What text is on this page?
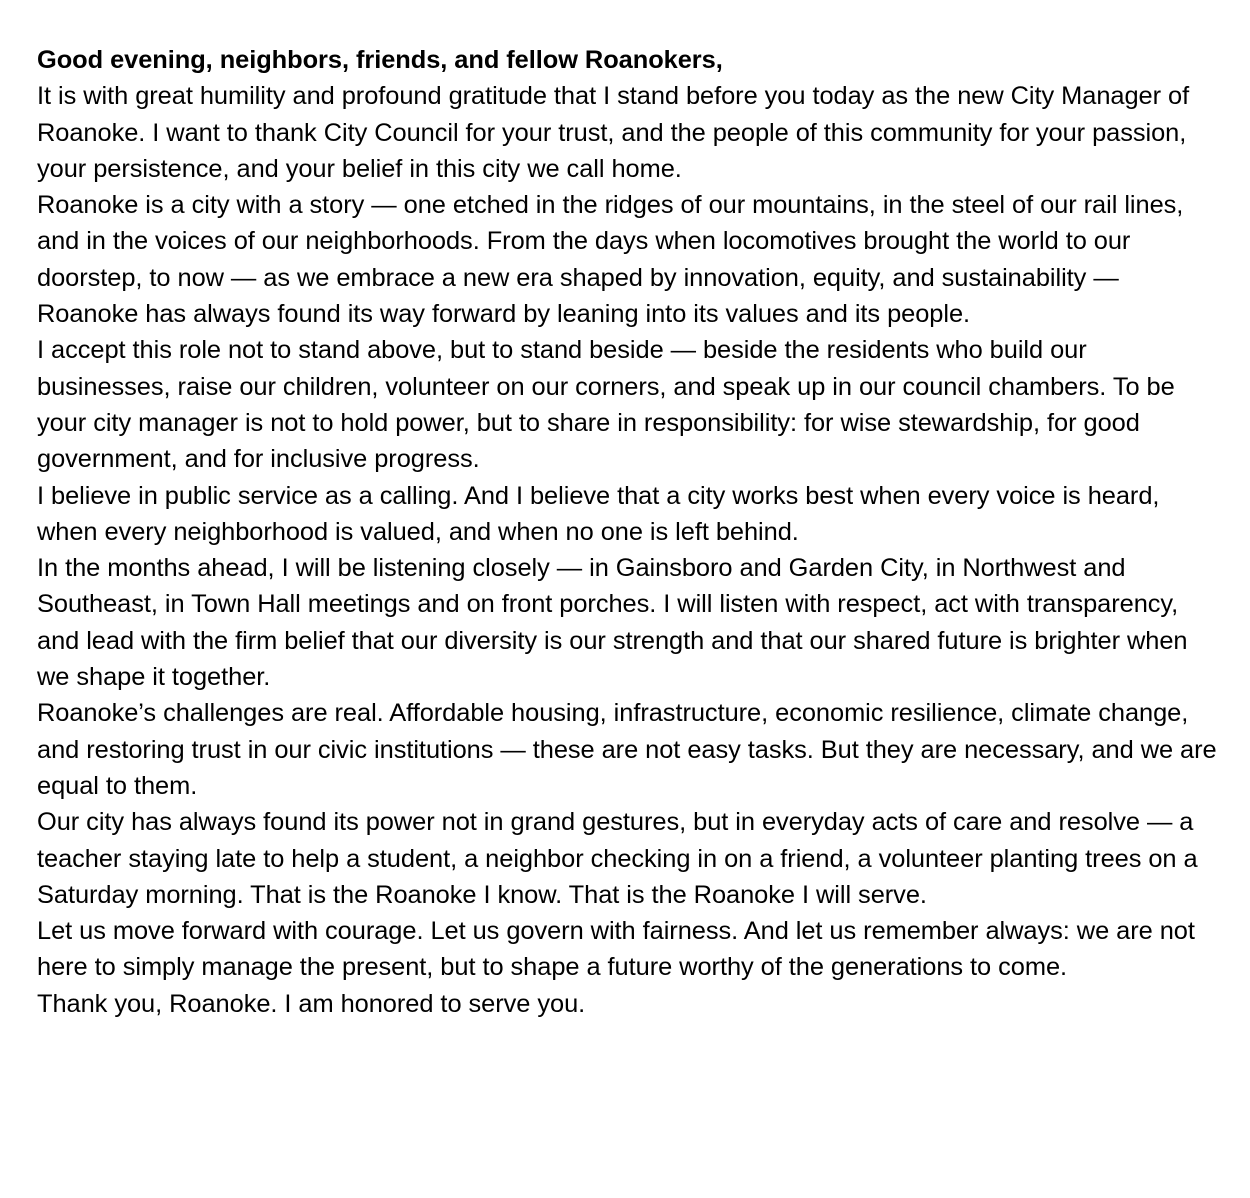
Good evening, neighbors, friends, and fellow Roanokers,

It is with great humility and profound gratitude that I stand before you today as the new City Manager of Roanoke. I want to thank City Council for your trust, and the people of this community for your passion, your persistence, and your belief in this city we call home.

Roanoke is a city with a story — one etched in the ridges of our mountains, in the steel of our rail lines, and in the voices of our neighborhoods. From the days when locomotives brought the world to our doorstep, to now — as we embrace a new era shaped by innovation, equity, and sustainability — Roanoke has always found its way forward by leaning into its values and its people.

I accept this role not to stand above, but to stand beside — beside the residents who build our businesses, raise our children, volunteer on our corners, and speak up in our council chambers. To be your city manager is not to hold power, but to share in responsibility: for wise stewardship, for good government, and for inclusive progress.

I believe in public service as a calling. And I believe that a city works best when every voice is heard, when every neighborhood is valued, and when no one is left behind.

In the months ahead, I will be listening closely — in Gainsboro and Garden City, in Northwest and Southeast, in Town Hall meetings and on front porches. I will listen with respect, act with transparency, and lead with the firm belief that our diversity is our strength and that our shared future is brighter when we shape it together.

Roanoke’s challenges are real. Affordable housing, infrastructure, economic resilience, climate change, and restoring trust in our civic institutions — these are not easy tasks. But they are necessary, and we are equal to them.

Our city has always found its power not in grand gestures, but in everyday acts of care and resolve — a teacher staying late to help a student, a neighbor checking in on a friend, a volunteer planting trees on a Saturday morning. That is the Roanoke I know. That is the Roanoke I will serve.

Let us move forward with courage. Let us govern with fairness. And let us remember always: we are not here to simply manage the present, but to shape a future worthy of the generations to come.

Thank you, Roanoke. I am honored to serve you.
